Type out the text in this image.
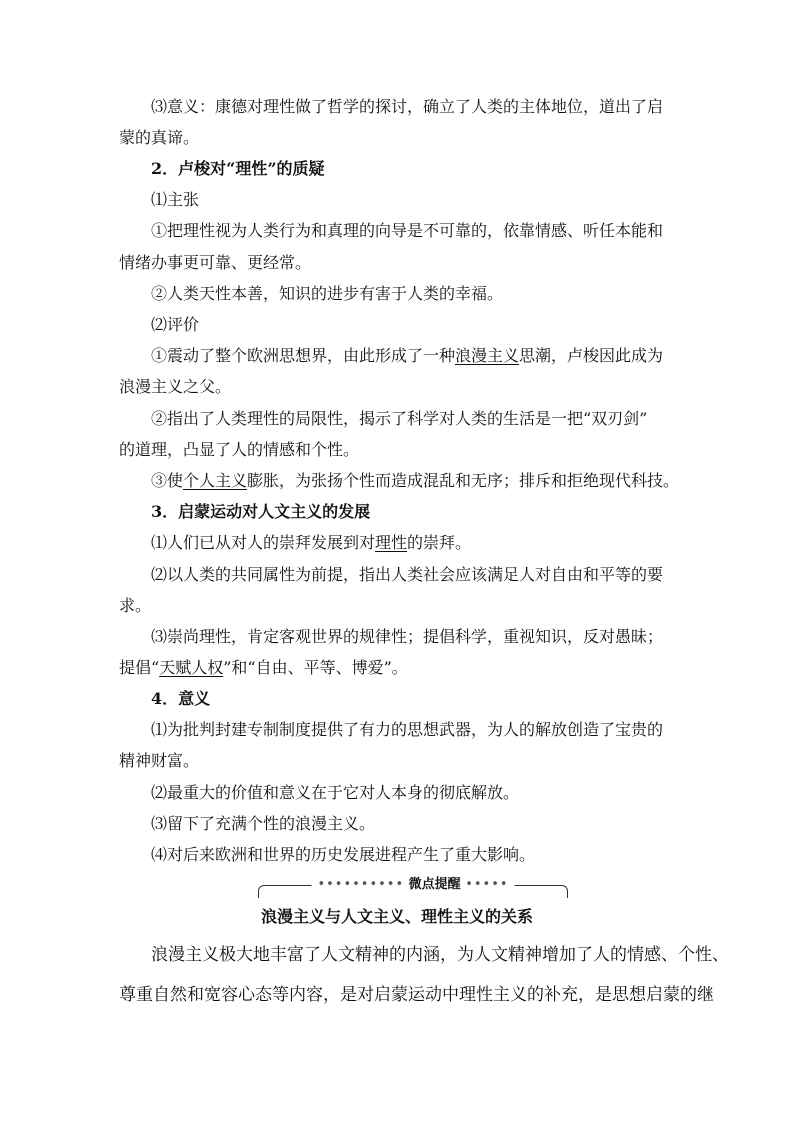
⑶意义：康德对理性做了哲学的探讨，确立了人类的主体地位，道出了启
蒙的真谛。
2．卢梭对“理性”的质疑
⑴主张
①把理性视为人类行为和真理的向导是不可靠的，依靠情感、听任本能和
情绪办事更可靠、更经常。
②人类天性本善，知识的进步有害于人类的幸福。
⑵评价
①震动了整个欧洲思想界，由此形成了一种浪漫主义思潮，卢梭因此成为
浪漫主义之父。
②指出了人类理性的局限性，揭示了科学对人类的生活是一把“双刃剑”
的道理，凸显了人的情感和个性。
③使个人主义膨胀，为张扬个性而造成混乱和无序；排斥和拒绝现代科技。
3．启蒙运动对人文主义的发展
⑴人们已从对人的崇拜发展到对理性的崇拜。
⑵以人类的共同属性为前提，指出人类社会应该满足人对自由和平等的要
求。
⑶崇尚理性，肯定客观世界的规律性；提倡科学，重视知识，反对愚昧；
提倡“天赋人权”和“自由、平等、博爱”。
4．意义
⑴为批判封建专制制度提供了有力的思想武器，为人的解放创造了宝贵的
精神财富。
⑵最重大的价值和意义在于它对人本身的彻底解放。
⑶留下了充满个性的浪漫主义。
⑷对后来欧洲和世界的历史发展进程产生了重大影响。
•••••••••• 微点提醒 •••••
浪漫主义与人文主义、理性主义的关系
浪漫主义极大地丰富了人文精神的内涵，为人文精神增加了人的情感、个性、
尊重自然和宽容心态等内容，是对启蒙运动中理性主义的补充，是思想启蒙的继
